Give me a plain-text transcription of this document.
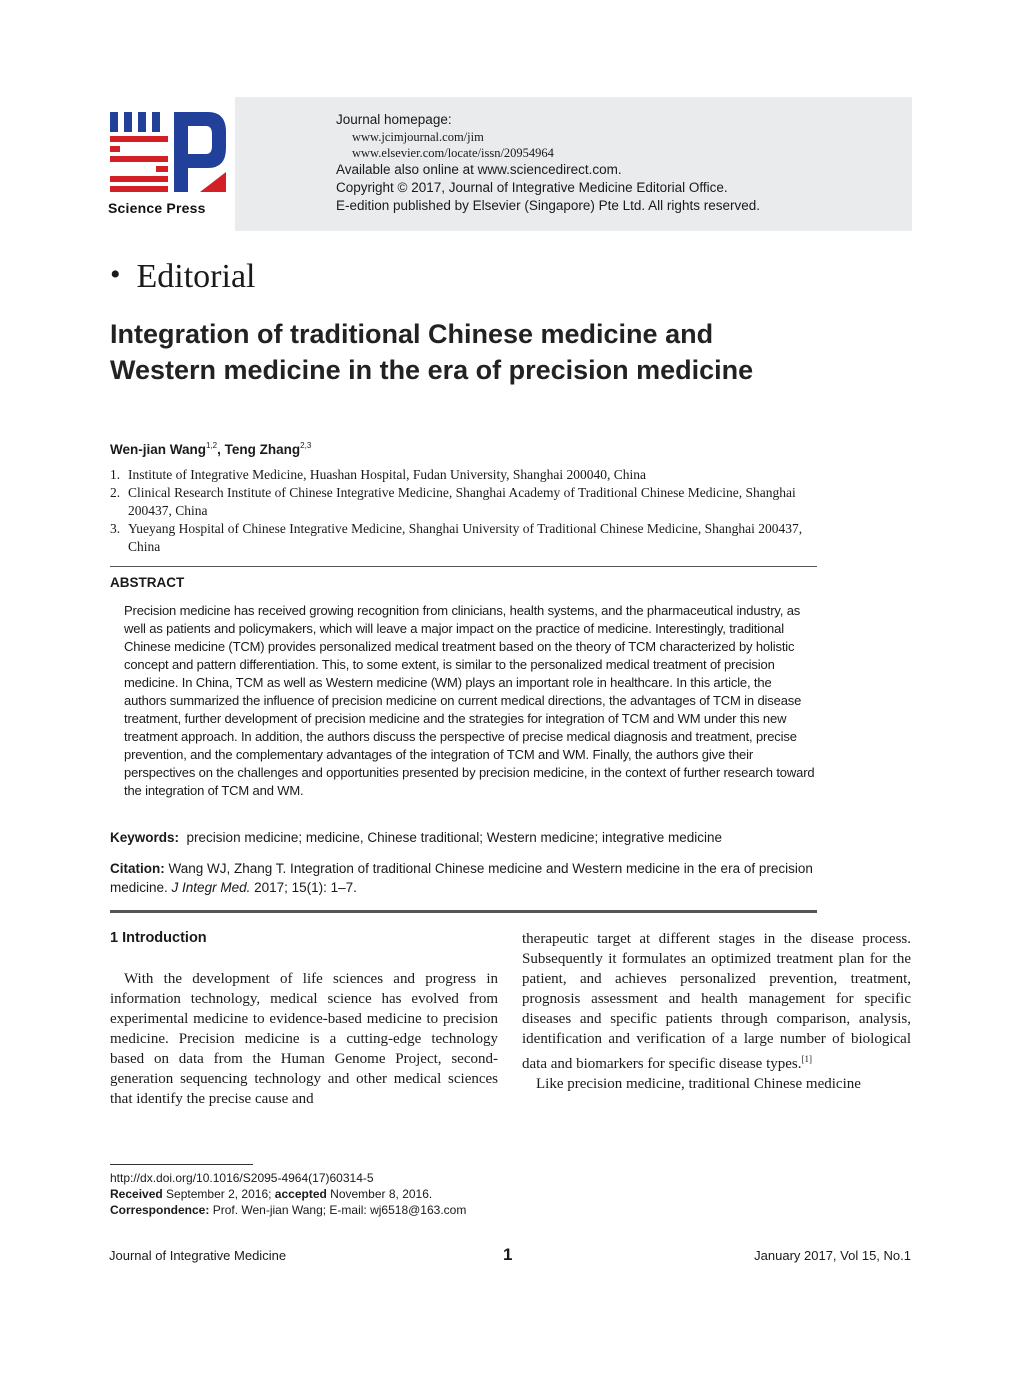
Science Press
Journal homepage:
www.jcimjournal.com/jim
www.elsevier.com/locate/issn/20954964
Available also online at www.sciencedirect.com.
Copyright © 2017, Journal of Integrative Medicine Editorial Office.
E-edition published by Elsevier (Singapore) Pte Ltd. All rights reserved.
• Editorial
Integration of traditional Chinese medicine and Western medicine in the era of precision medicine
Wen-jian Wang$^{1,2}$, Teng Zhang$^{2,3}$
1. Institute of Integrative Medicine, Huashan Hospital, Fudan University, Shanghai 200040, China
2. Clinical Research Institute of Chinese Integrative Medicine, Shanghai Academy of Traditional Chinese Medicine, Shanghai 200437, China
3. Yueyang Hospital of Chinese Integrative Medicine, Shanghai University of Traditional Chinese Medicine, Shanghai 200437, China
ABSTRACT

Precision medicine has received growing recognition from clinicians, health systems, and the pharmaceutical industry, as well as patients and policymakers, which will leave a major impact on the practice of medicine. Interestingly, traditional Chinese medicine (TCM) provides personalized medical treatment based on the theory of TCM characterized by holistic concept and pattern differentiation. This, to some extent, is similar to the personalized medical treatment of precision medicine. In China, TCM as well as Western medicine (WM) plays an important role in healthcare. In this article, the authors summarized the influence of precision medicine on current medical directions, the advantages of TCM in disease treatment, further development of precision medicine and the strategies for integration of TCM and WM under this new treatment approach. In addition, the authors discuss the perspective of precise medical diagnosis and treatment, precise prevention, and the complementary advantages of the integration of TCM and WM. Finally, the authors give their perspectives on the challenges and opportunities presented by precision medicine, in the context of further research toward the integration of TCM and WM.

Keywords: precision medicine; medicine, Chinese traditional; Western medicine; integrative medicine
Citation: Wang WJ, Zhang T. Integration of traditional Chinese medicine and Western medicine in the era of precision medicine. J Integr Med. 2017; 15(1): 1–7.
1 Introduction

With the development of life sciences and progress in information technology, medical science has evolved from experimental medicine to evidence-based medicine to precision medicine. Precision medicine is a cutting-edge technology based on data from the Human Genome Project, second-generation sequencing technology and other medical sciences that identify the precise cause and

therapeutic target at different stages in the disease process. Subsequently it formulates an optimized treatment plan for the patient, and achieves personalized prevention, treatment, prognosis assessment and health management for specific diseases and specific patients through comparison, analysis, identification and verification of a large number of biological data and biomarkers for specific disease types.[1]

Like precision medicine, traditional Chinese medicine

http://dx.doi.org/10.1016/S2095-4964(17)60314-5
Received September 2, 2016; accepted November 8, 2016.
Correspondence: Prof. Wen-jian Wang; E-mail: wj6518@163.com
Journal of Integrative Medicine	1	January 2017, Vol 15, No.1
